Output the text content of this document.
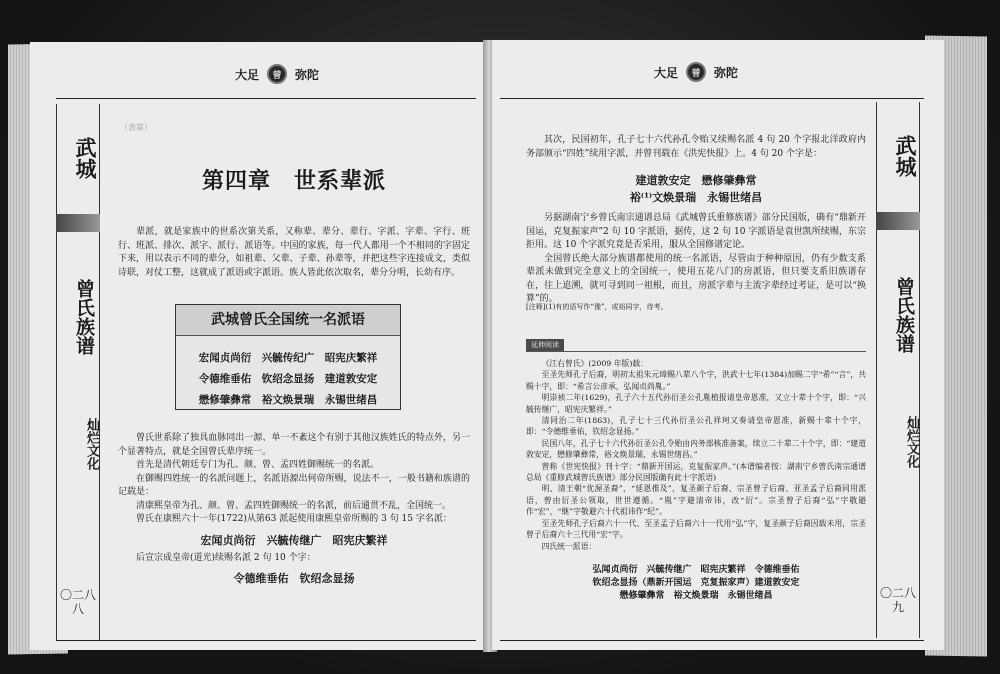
大足	曾	弥陀
武城
曾氏族谱
灿烂文化
〇二八八
（表第）
第四章　世系辈派

辈派，就是家族中的世系次第关系，又称辈、辈分、辈行、字派、字辈、字行、班行、班派、排次、派字、派行、派语等。中国的家族，每一代人都用一个不相同的字固定下来，用以表示不同的辈分，如祖辈、父辈、子辈、孙辈等，并把这些字连接成文，类似诗联，对仗工整，这就成了派语或字派语。族人皆此依次取名，辈分分明，长幼有序。

武城曾氏全国统一名派语
宏闻贞尚衍　兴毓传纪广　昭宪庆繁祥
令德维垂佑　钦绍念显扬　建道敦安定
懋修肇彝常　裕文焕景瑞　永锡世绪昌

曾氏世系除了独具血脉同出一源、单一不紊这个有别于其他汉族姓氏的特点外，另一个显著特点，就是全国曾氏辈序统一。

首先是清代朝廷专门为孔、颜、曾、孟四姓御赐统一的名派。

在御赐四姓统一的名派问题上，名派语源出何帝所赐，说法不一，一般书籍和族谱的记载是：

清康熙皇帝为孔、颜、曾、孟四姓御赐统一的名派，前后通贯不乱，全国统一。

曾氏在康熙六十一年(1722)从第63 派起使用康熙皇帝所赐的 3 句 15 字名派：

宏闻贞尚衍　兴毓传继广　昭宪庆繁祥

后宣宗成皇帝(道光)续赐名派 2 句 10 个字：

令德维垂佑　钦绍念显扬
大足	曾	弥陀
武城
曾氏族谱
灿烂文化
〇二八九

其次，民国初年，孔子七十六代孙孔令贻又续赐名派 4 句 20 个字报北洋政府内务部颁示“四姓”续用字派，并曾刊载在《洪宪快报》上。4 句 20 个字是：

建道敦安定　懋修肇彝常
裕⁽¹⁾文焕景瑞　永锡世绪昌

另据湖南宁乡曾氏南宗通谱总局《武城曾氏重修族谱》部分民国版，确有“鼎新开国运，克复振家声”2 句 10 字派语，据传，这 2 句 10 字派语是袁世凯所续赐，东宗拒用。这 10 个字派究竟是否采用，服从全国修谱定论。

全国曾氏绝大部分族谱都使用的统一名派语，尽管由于种种原因，仍有少数支系辈派未做到完全意义上的全国统一，使用五花八门的房派语，但只要支系旧族谱存在，往上追溯，就可寻到同一祖根，而且，房派字辈与主流字辈经过考证，是可以“换算”的。

[注释](1)有的语写作“豫”，或裕同字，待考。
延伸阅读

《江右曾氏》(2009 年版)载：

至圣先师孔子后裔，明初太祖朱元璋赐八辈八个字，洪武十七年(1384)加赐二字“希”“言”，共赐十字，即：“希言公彦承，弘闻贞尚胤。”

明崇祯二年(1629)，孔子六十五代孙衍圣公孔胤植报请皇帝恩准，又立十辈十个字，即：“兴毓传继广，昭宪庆繁祥。”

清同治二年(1863)，孔子七十三代孙衍圣公孔祥珂又奏请皇帝恩准，新赐十辈十个字，即：“令德维垂佑，钦绍念显扬。”

民国八年，孔子七十六代孙衍圣公孔令贻由内务部核准备案，续立二十辈二十个字，即：“建道敦安定，懋修肇彝常，裕文焕景瑞，永锡世绪昌。”

曾称《世宪快报》刊十字：“鼎新开国运，克复振家声。”(本谱编者按：湖南宁乡曾氏南宗通谱总局《重修武城曾氏族谱》部分民国版确有此十字派语)

明、清王朝“优渥圣裔”，“延恩推及”，复圣颜子后裔、宗圣曾子后裔、亚圣孟子后裔同用派语，曾由衍圣公领取，世世遵循。“胤”字避清帝讳，改“衍”。宗圣曾子后裔“弘”字敬避作“宏”，“继”字敬避六十代祖讳作“纪”。

至圣先师孔子后裔六十一代、至圣孟子后裔六十一代用“弘”字，复圣颜子后裔因载未用，宗圣曾子后裔六十三代用“宏”字。

四氏统一派语：

弘闻贞尚衍　兴毓传继广　昭宪庆繁祥　令德维垂佑
钦绍念显扬（鼎新开国运　克复振家声）建道敦安定
懋修肇彝常　裕文焕景瑞　永锡世绪昌
